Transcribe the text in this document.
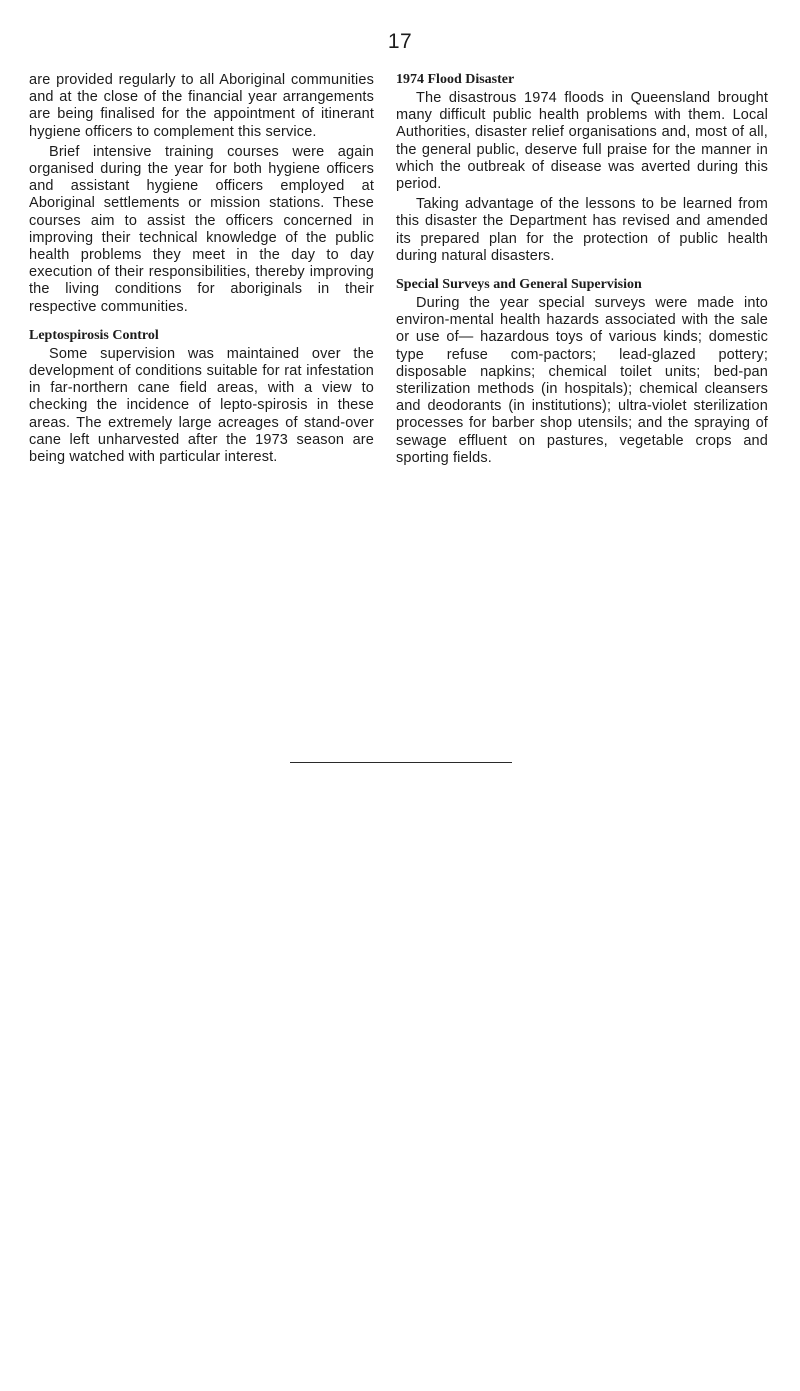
17

are provided regularly to all Aboriginal communities and at the close of the financial year arrangements are being finalised for the appointment of itinerant hygiene officers to complement this service.

Brief intensive training courses were again organised during the year for both hygiene officers and assistant hygiene officers employed at Aboriginal settlements or mission stations. These courses aim to assist the officers concerned in improving their technical knowledge of the public health problems they meet in the day to day execution of their responsibilities, thereby improving the living conditions for aboriginals in their respective communities.

Leptospirosis Control

Some supervision was maintained over the development of conditions suitable for rat infestation in far-northern cane field areas, with a view to checking the incidence of lepto-spirosis in these areas. The extremely large acreages of stand-over cane left unharvested after the 1973 season are being watched with particular interest.

1974 Flood Disaster

The disastrous 1974 floods in Queensland brought many difficult public health problems with them. Local Authorities, disaster relief organisations and, most of all, the general public, deserve full praise for the manner in which the outbreak of disease was averted during this period.

Taking advantage of the lessons to be learned from this disaster the Department has revised and amended its prepared plan for the protection of public health during natural disasters.

Special Surveys and General Supervision

During the year special surveys were made into environ-mental health hazards associated with the sale or use of— hazardous toys of various kinds; domestic type refuse com-pactors; lead-glazed pottery; disposable napkins; chemical toilet units; bed-pan sterilization methods (in hospitals); chemical cleansers and deodorants (in institutions); ultra-violet sterilization processes for barber shop utensils; and the spraying of sewage effluent on pastures, vegetable crops and sporting fields.
